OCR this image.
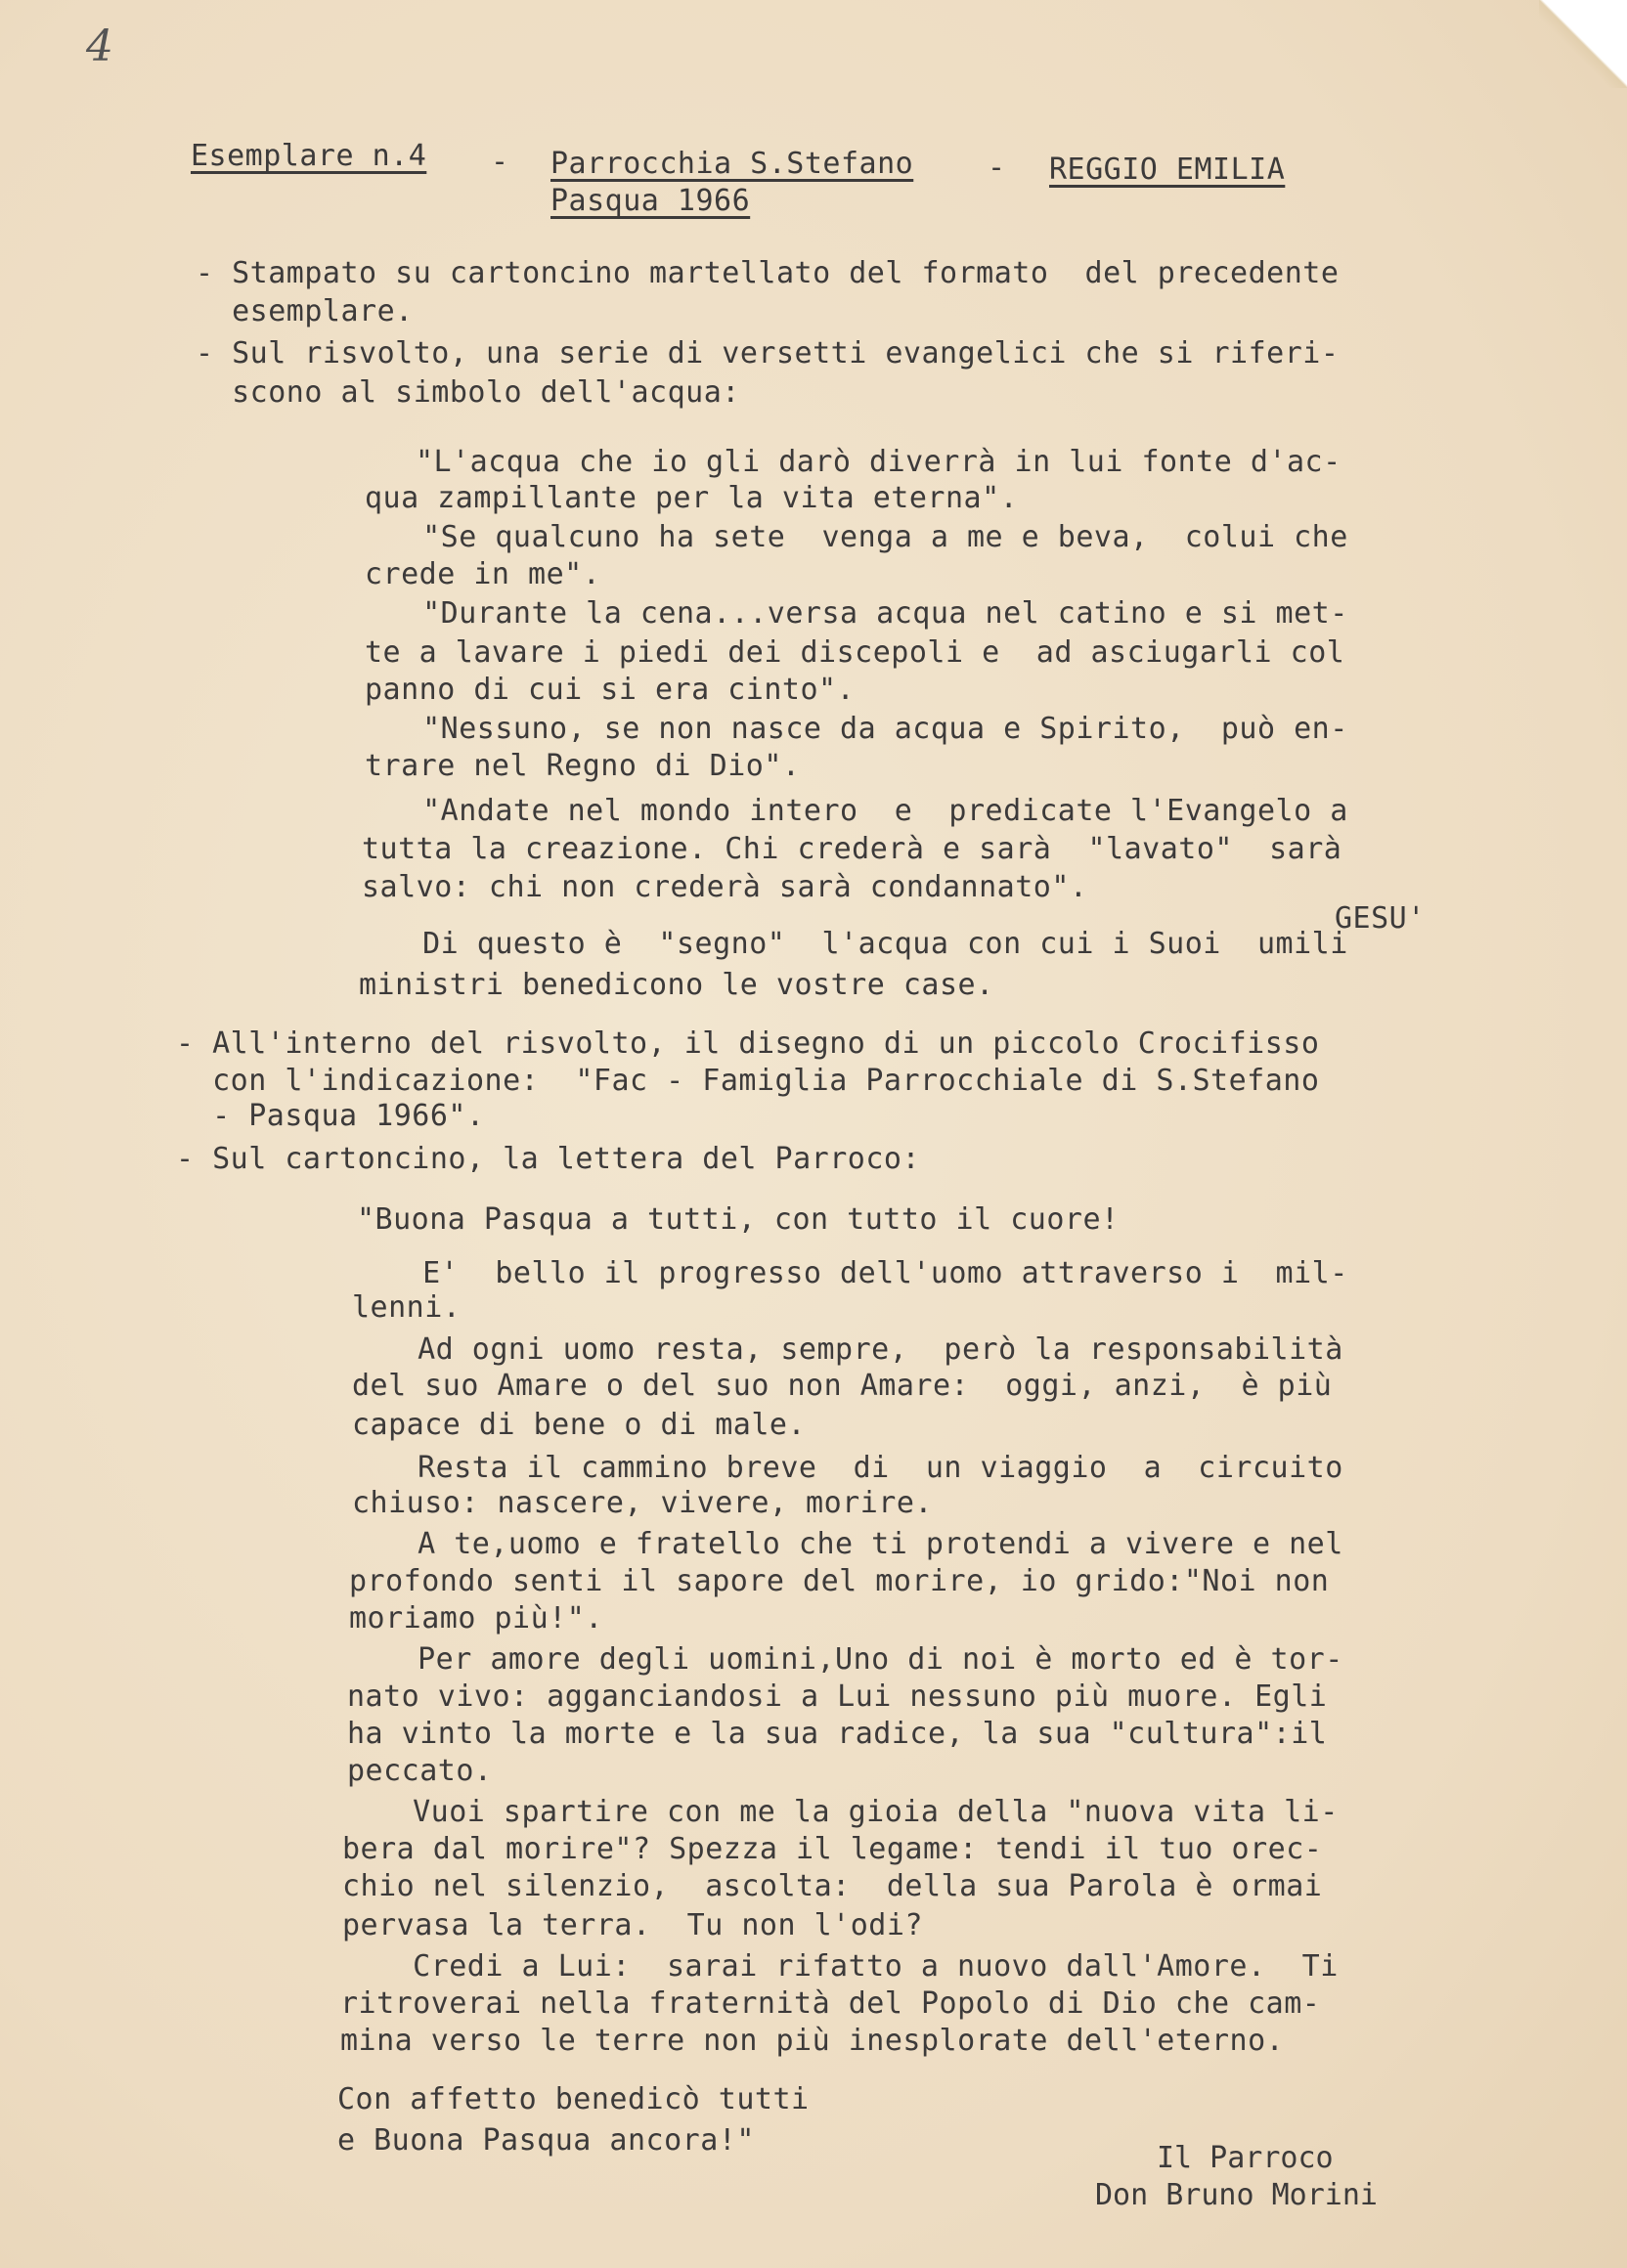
4
Esemplare n.4 - Parrocchia S.Stefano	- REGGIO EMILIA
Pasqua 1966
- Stampato su cartoncino martellato del formato  del precedente
esemplare.
- Sul risvolto, una serie di versetti evangelici che si riferi-
scono al simbolo dell'acqua:
"L'acqua che io gli darò diverrà in lui fonte d'ac-
qua zampillante per la vita eterna".
"Se qualcuno ha sete  venga a me e beva,  colui che
crede in me".
"Durante la cena...versa acqua nel catino e si met-
te a lavare i piedi dei discepoli e  ad asciugarli col
panno di cui si era cinto".
"Nessuno, se non nasce da acqua e Spirito,  può en-
trare nel Regno di Dio".
"Andate nel mondo intero  e  predicate l'Evangelo a
tutta la creazione. Chi crederà e sarà  "lavato"  sarà
salvo: chi non crederà sarà condannato".
GESU'
Di questo è  "segno"  l'acqua con cui i Suoi  umili
ministri benedicono le vostre case.
- All'interno del risvolto, il disegno di un piccolo Crocifisso
con l'indicazione:  "Fac - Famiglia Parrocchiale di S.Stefano
- Pasqua 1966".
- Sul cartoncino, la lettera del Parroco:
"Buona Pasqua a tutti, con tutto il cuore!
E'  bello il progresso dell'uomo attraverso i  mil-
lenni.
Ad ogni uomo resta, sempre,  però la responsabilità
del suo Amare o del suo non Amare:  oggi, anzi,  è più
capace di bene o di male.
Resta il cammino breve  di  un viaggio  a  circuito
chiuso: nascere, vivere, morire.
A te,uomo e fratello che ti protendi a vivere e nel
profondo senti il sapore del morire, io grido:"Noi non
moriamo più!".
Per amore degli uomini,Uno di noi è morto ed è tor-
nato vivo: agganciandosi a Lui nessuno più muore. Egli
ha vinto la morte e la sua radice, la sua "cultura":il
peccato.
Vuoi spartire con me la gioia della "nuova vita li-
bera dal morire"? Spezza il legame: tendi il tuo orec-
chio nel silenzio,  ascolta:  della sua Parola è ormai
pervasa la terra.  Tu non l'odi?
Credi a Lui:  sarai rifatto a nuovo dall'Amore.  Ti
ritroverai nella fraternità del Popolo di Dio che cam-
mina verso le terre non più inesplorate dell'eterno.
Con affetto benedicò tutti
e Buona Pasqua ancora!"
Il Parroco
Don Bruno Morini
